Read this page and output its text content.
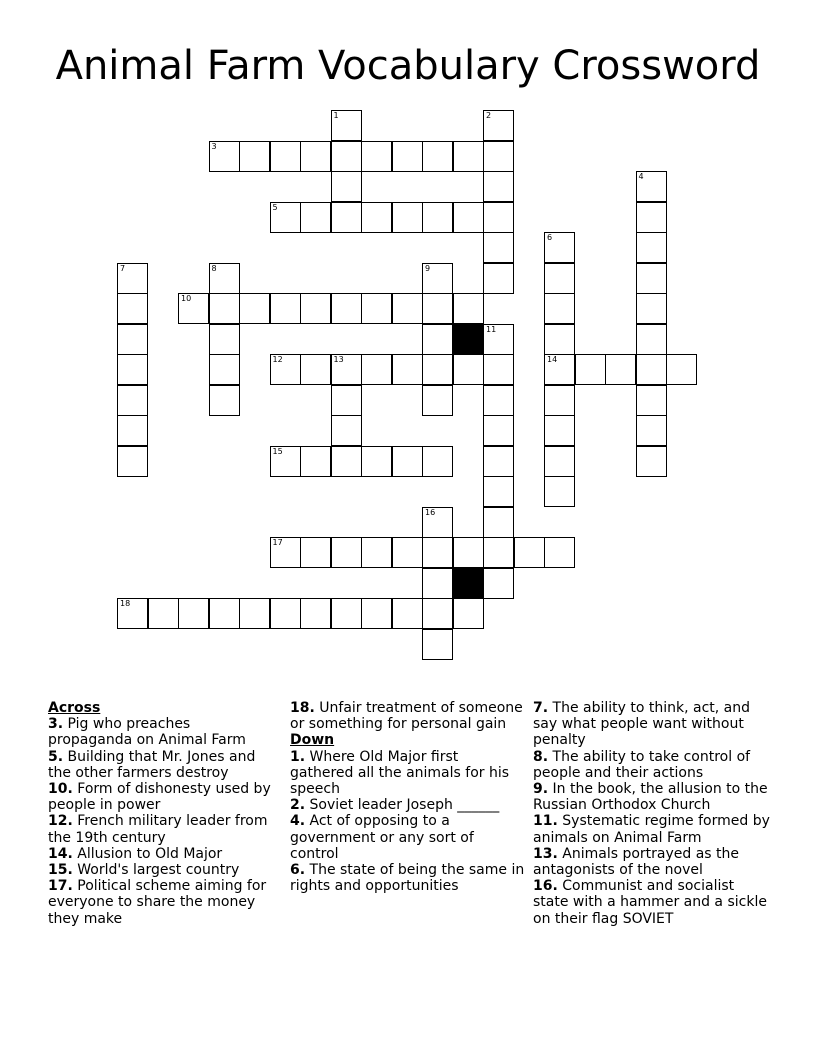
Animal Farm Vocabulary Crossword
1	2
3
4
5
6
14
7	8	9
10
11
12	13
15
16
17
18

Across

3. Pig who preaches propaganda on Animal Farm

5. Building that Mr. Jones and the other farmers destroy

10. Form of dishonesty used by people in power

12. French military leader from the 19th century

14. Allusion to Old Major

15. World's largest country

17. Political scheme aiming for everyone to share the money they make

18. Unfair treatment of someone or something for personal gain

Down

1. Where Old Major first gathered all the animals for his speech

2. Soviet leader Joseph ______

4. Act of opposing to a government or any sort of control

6. The state of being the same in rights and opportunities

7. The ability to think, act, and say what people want without penalty

8. The ability to take control of people and their actions

9. In the book, the allusion to the Russian Orthodox Church

11. Systematic regime formed by animals on Animal Farm

13. Animals portrayed as the antagonists of the novel

16. Communist and socialist state with a hammer and a sickle on their flag SOVIET
